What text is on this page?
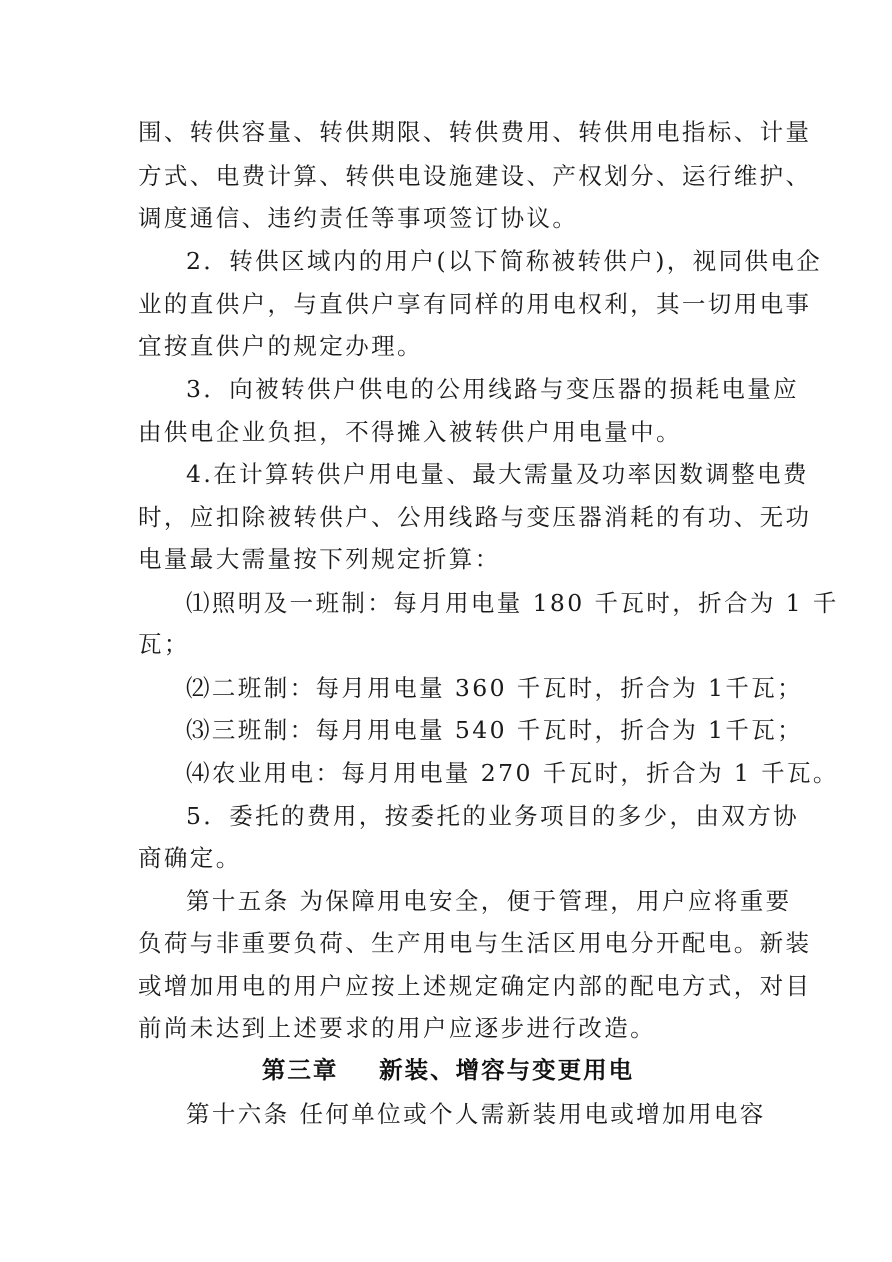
围、转供容量、转供期限、转供费用、转供用电指标、计量
方式、电费计算、转供电设施建设、产权划分、运行维护、
调度通信、违约责任等事项签订协议。
2．转供区域内的用户(以下简称被转供户)，视同供电企
业的直供户，与直供户享有同样的用电权利，其一切用电事
宜按直供户的规定办理。
3．向被转供户供电的公用线路与变压器的损耗电量应
由供电企业负担，不得摊入被转供户用电量中。
4.在计算转供户用电量、最大需量及功率因数调整电费
时，应扣除被转供户、公用线路与变压器消耗的有功、无功
电量最大需量按下列规定折算：
⑴照明及一班制：每月用电量 180 千瓦时，折合为 1 千
瓦；
⑵二班制：每月用电量 360 千瓦时，折合为 1千瓦；
⑶三班制：每月用电量 540 千瓦时，折合为 1千瓦；
⑷农业用电：每月用电量 270 千瓦时，折合为 1 千瓦。
5．委托的费用，按委托的业务项目的多少，由双方协
商确定。
第十五条 为保障用电安全，便于管理，用户应将重要
负荷与非重要负荷、生产用电与生活区用电分开配电。新装
或增加用电的用户应按上述规定确定内部的配电方式，对目
前尚未达到上述要求的用户应逐步进行改造。
第三章    新装、增容与变更用电
第十六条 任何单位或个人需新装用电或增加用电容
